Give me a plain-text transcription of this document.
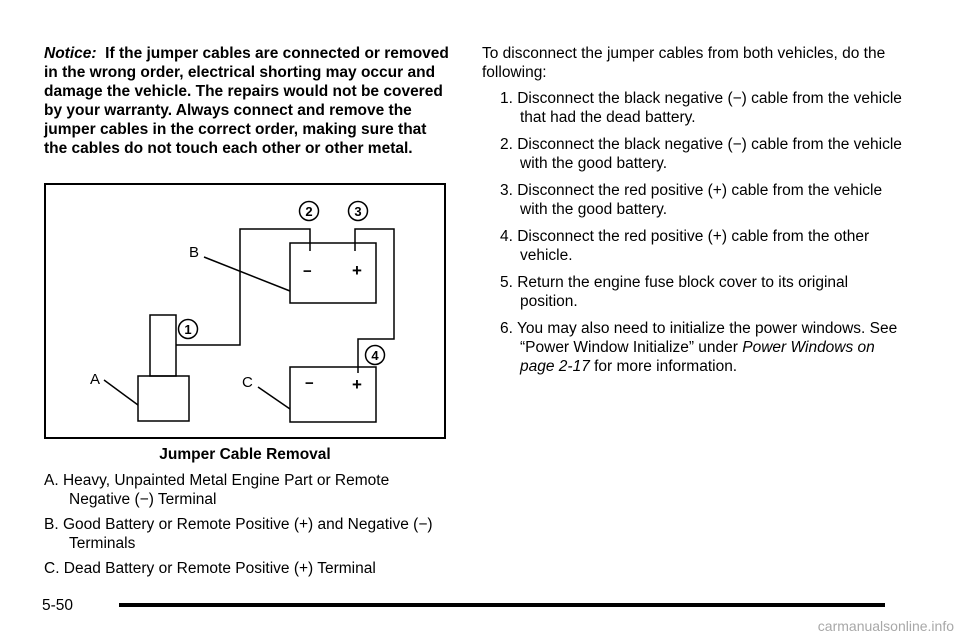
Notice: If the jumper cables are connected or removed in the wrong order, electrical shorting may occur and damage the vehicle. The repairs would not be covered by your warranty. Always connect and remove the jumper cables in the correct order, making sure that the cables do not touch each other or other metal.

− +
− +
B
A	C
1
2	3
4
Jumper Cable Removal
A. Heavy, Unpainted Metal Engine Part or Remote Negative (−) Terminal
B. Good Battery or Remote Positive (+) and Negative (−) Terminals
C. Dead Battery or Remote Positive (+) Terminal

To disconnect the jumper cables from both vehicles, do the following:

1. Disconnect the black negative (−) cable from the vehicle that had the dead battery.
2. Disconnect the black negative (−) cable from the vehicle with the good battery.
3. Disconnect the red positive (+) cable from the vehicle with the good battery.
4. Disconnect the red positive (+) cable from the other vehicle.
5. Return the engine fuse block cover to its original position.
6. You may also need to initialize the power windows. See “Power Window Initialize” under Power Windows on page 2-17 for more information.
5-50
carmanualsonline.info
